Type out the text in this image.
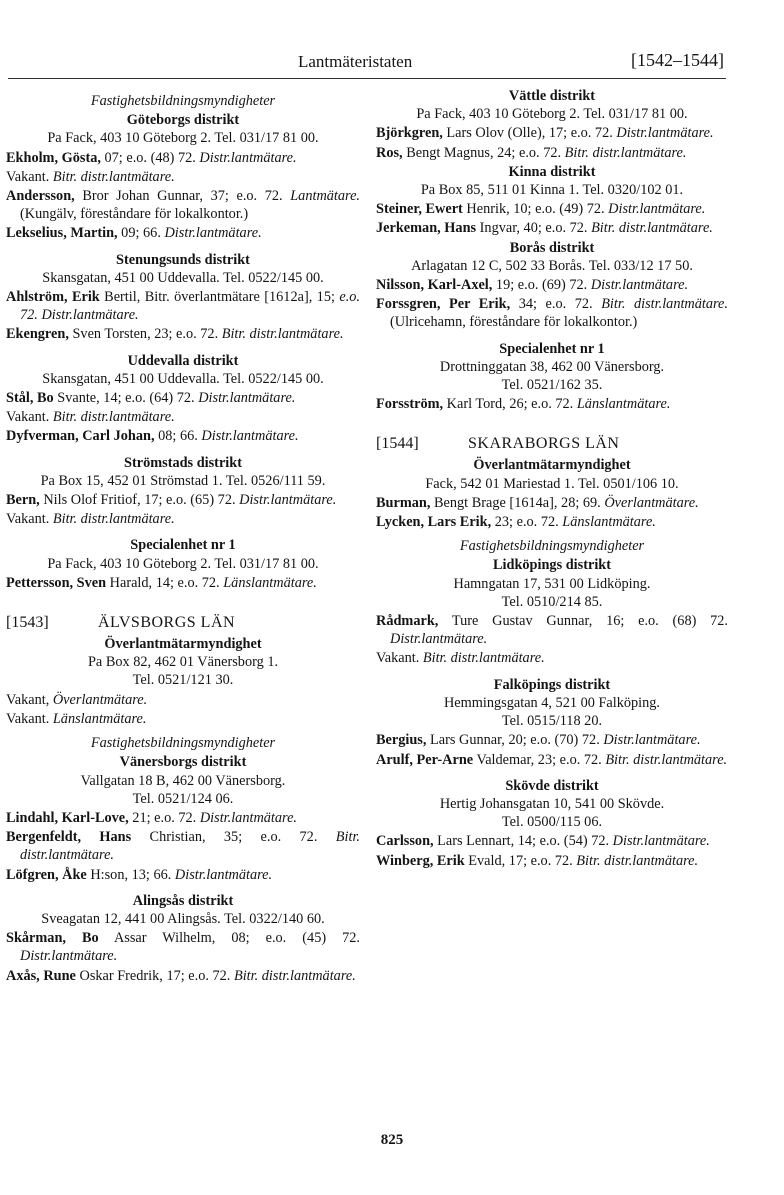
Lantmäteristaten	[1542–1544]
Fastighetsbildningsmyndigheter
Göteborgs distrikt
Pa Fack, 403 10 Göteborg 2. Tel. 031/17 81 00.
Ekholm, Gösta, 07; e.o. (48) 72. Distr.lantmätare.
Vakant. Bitr. distr.lantmätare.
Andersson, Bror Johan Gunnar, 37; e.o. 72. Lantmätare. (Kungälv, föreståndare för lokalkontor.)
Lekselius, Martin, 09; 66. Distr.lantmätare.
Stenungsunds distrikt
Skansgatan, 451 00 Uddevalla. Tel. 0522/145 00.
Ahlström, Erik Bertil, Bitr. överlantmätare [1612a], 15; e.o. 72. Distr.lantmätare.
Ekengren, Sven Torsten, 23; e.o. 72. Bitr. distr.lantmätare.
Uddevalla distrikt
Skansgatan, 451 00 Uddevalla. Tel. 0522/145 00.
Stål, Bo Svante, 14; e.o. (64) 72. Distr.lantmätare.
Vakant. Bitr. distr.lantmätare.
Dyfverman, Carl Johan, 08; 66. Distr.lantmätare.
Strömstads distrikt
Pa Box 15, 452 01 Strömstad 1. Tel. 0526/111 59.
Bern, Nils Olof Fritiof, 17; e.o. (65) 72. Distr.lantmätare.
Vakant. Bitr. distr.lantmätare.
Specialenhet nr 1
Pa Fack, 403 10 Göteborg 2. Tel. 031/17 81 00.
Pettersson, Sven Harald, 14; e.o. 72. Länslantmätare.
[1543]	ÄLVSBORGS LÄN
Överlantmätarmyndighet
Pa Box 82, 462 01 Vänersborg 1.
Tel. 0521/121 30.
Vakant, Överlantmätare.
Vakant. Länslantmätare.
Fastighetsbildningsmyndigheter
Vänersborgs distrikt
Vallgatan 18 B, 462 00 Vänersborg.
Tel. 0521/124 06.
Lindahl, Karl-Love, 21; e.o. 72. Distr.lantmätare.
Bergenfeldt, Hans Christian, 35; e.o. 72. Bitr. distr.lantmätare.
Löfgren, Åke H:son, 13; 66. Distr.lantmätare.
Alingsås distrikt
Sveagatan 12, 441 00 Alingsås. Tel. 0322/140 60.
Skårman, Bo Assar Wilhelm, 08; e.o. (45) 72. Distr.lantmätare.
Axås, Rune Oskar Fredrik, 17; e.o. 72. Bitr. distr.lantmätare.
Vättle distrikt
Pa Fack, 403 10 Göteborg 2. Tel. 031/17 81 00.
Björkgren, Lars Olov (Olle), 17; e.o. 72. Distr.lantmätare.
Ros, Bengt Magnus, 24; e.o. 72. Bitr. distr.lantmätare.
Kinna distrikt
Pa Box 85, 511 01 Kinna 1. Tel. 0320/102 01.
Steiner, Ewert Henrik, 10; e.o. (49) 72. Distr.lantmätare.
Jerkeman, Hans Ingvar, 40; e.o. 72. Bitr. distr.lantmätare.
Borås distrikt
Arlagatan 12 C, 502 33 Borås. Tel. 033/12 17 50.
Nilsson, Karl-Axel, 19; e.o. (69) 72. Distr.lantmätare.
Forssgren, Per Erik, 34; e.o. 72. Bitr. distr.lantmätare. (Ulricehamn, föreståndare för lokalkontor.)
Specialenhet nr 1
Drottninggatan 38, 462 00 Vänersborg.
Tel. 0521/162 35.
Forsström, Karl Tord, 26; e.o. 72. Länslantmätare.
[1544]	SKARABORGS LÄN
Överlantmätarmyndighet
Fack, 542 01 Mariestad 1. Tel. 0501/106 10.
Burman, Bengt Brage [1614a], 28; 69. Överlantmätare.
Lycken, Lars Erik, 23; e.o. 72. Länslantmätare.
Fastighetsbildningsmyndigheter
Lidköpings distrikt
Hamngatan 17, 531 00 Lidköping.
Tel. 0510/214 85.
Rådmark, Ture Gustav Gunnar, 16; e.o. (68) 72. Distr.lantmätare.
Vakant. Bitr. distr.lantmätare.
Falköpings distrikt
Hemmingsgatan 4, 521 00 Falköping.
Tel. 0515/118 20.
Bergius, Lars Gunnar, 20; e.o. (70) 72. Distr.lantmätare.
Arulf, Per-Arne Valdemar, 23; e.o. 72. Bitr. distr.lantmätare.
Skövde distrikt
Hertig Johansgatan 10, 541 00 Skövde.
Tel. 0500/115 06.
Carlsson, Lars Lennart, 14; e.o. (54) 72. Distr.lantmätare.
Winberg, Erik Evald, 17; e.o. 72. Bitr. distr.lantmätare.
825
